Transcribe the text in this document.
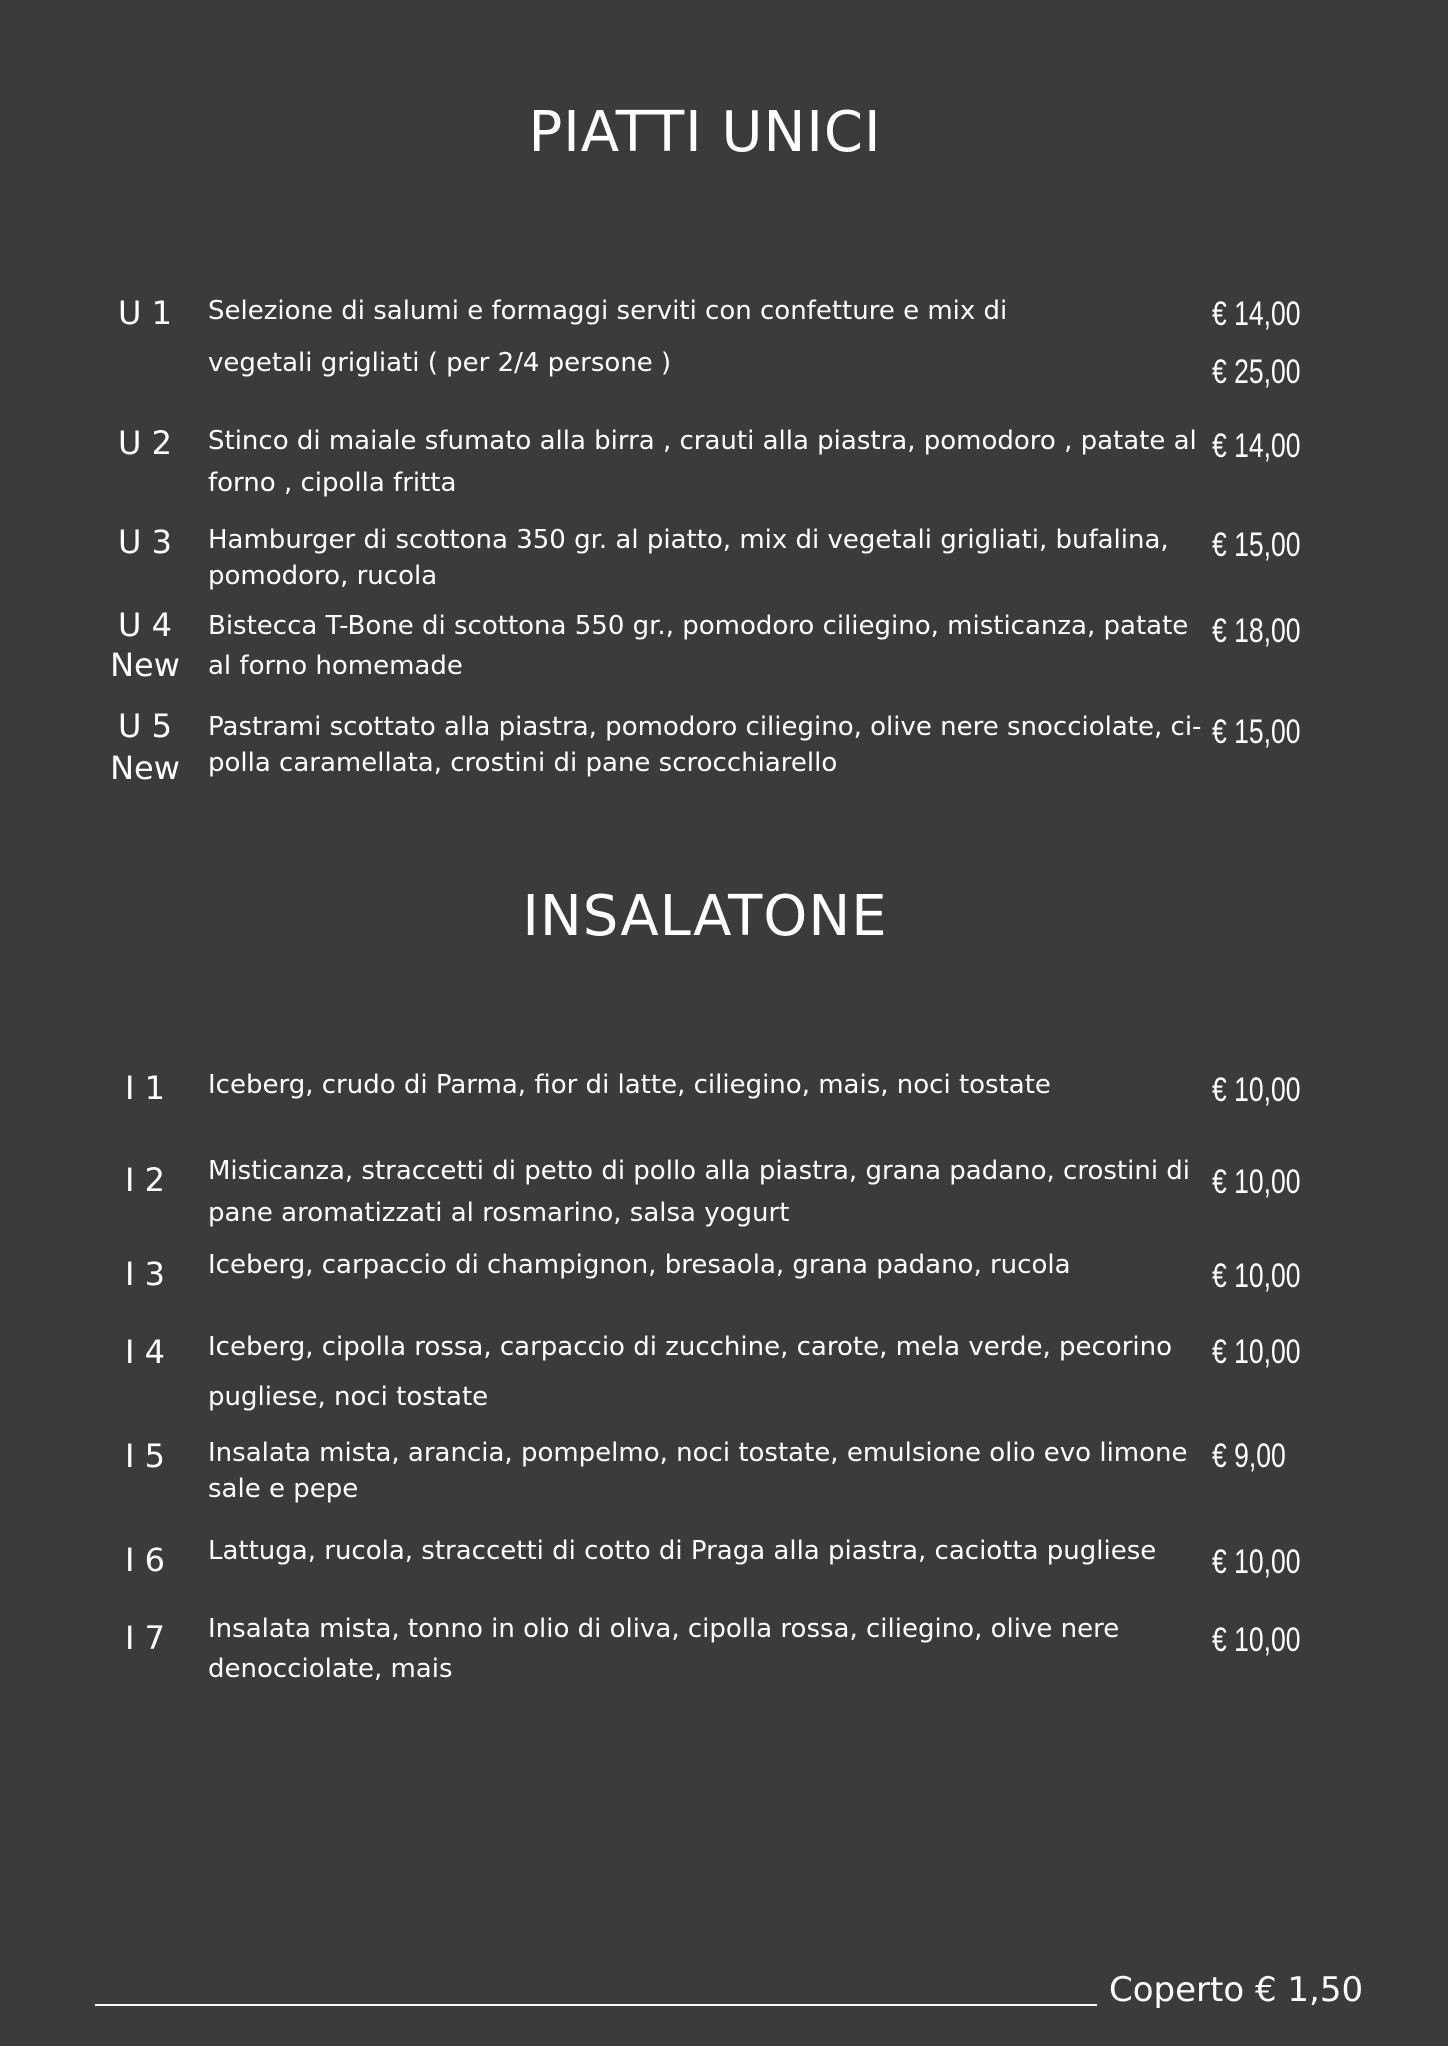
PIATTI UNICI
U 1	Selezione di salumi e formaggi serviti con confetture e mix di
vegetali grigliati ( per 2/4 persone )
€ 14,00
€ 25,00
U 2	Stinco di maiale sfumato alla birra , crauti alla piastra, pomodoro , patate al
forno , cipolla fritta
€ 14,00
U 3	Hamburger di scottona 350 gr. al piatto, mix di vegetali grigliati, bufalina,
pomodoro, rucola
€ 15,00
U 4
New
Bistecca T-Bone di scottona 550 gr., pomodoro ciliegino, misticanza, patate
al forno homemade
€ 18,00
U 5
New
Pastrami scottato alla piastra, pomodoro ciliegino, olive nere snocciolate, ci-
polla caramellata, crostini di pane scrocchiarello
€ 15,00
INSALATONE
I 1	Iceberg, crudo di Parma, fior di latte, ciliegino, mais, noci tostate	€ 10,00
I 2	Misticanza, straccetti di petto di pollo alla piastra, grana padano, crostini di
pane aromatizzati al rosmarino, salsa yogurt
€ 10,00
I 3	Iceberg, carpaccio di champignon, bresaola, grana padano, rucola	€ 10,00
I 4	Iceberg, cipolla rossa, carpaccio di zucchine, carote, mela verde, pecorino
pugliese, noci tostate
€ 10,00
I 5	Insalata mista, arancia, pompelmo, noci tostate, emulsione olio evo limone
sale e pepe
€ 9,00
I 6	Lattuga, rucola, straccetti di cotto di Praga alla piastra, caciotta pugliese	€ 10,00
I 7	Insalata mista, tonno in olio di oliva, cipolla rossa, ciliegino, olive nere
denocciolate, mais
€ 10,00
Coperto € 1,50
